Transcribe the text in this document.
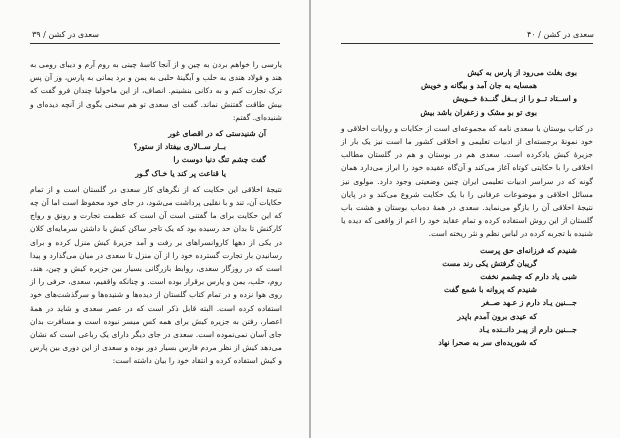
سعدی در کشن / ۳۹

یارسی را خواهم بردن به چین و از آنجا کاسهٔ چینی به روم آرم و دیبای رومی به هند و فولاد هندی به حلب و آبگینهٔ حلبی به یمن و برد یمانی به پارس، وز آن پس ترک تجارت کنم و به دکانی بنشینم. انصاف، از این ماخولیا چندان فرو گفت که بیش طاقت گفتنش نماند. گفت ای سعدی تو هم سخنی بگوی از آنچه دیده‌ای و شنیده‌ای. گفتم:

آن شنیدستی که در اقصای غور

بــار ســالاری بیفتاد از ستور؟

گفت چشم تنگ دنیا دوست را

یا قناعت پر کند یا خـاک گـور

نتیجهٔ اخلاقی این حکایت که از نگرهای کار سعدی در گلستان است و از تمام حکایات آن، تند و با نقلیی پرداشت می‌شود، در جای خود محفوظ است اما آن چه که این حکایت برای ما گفتنی است آن است که عظمت تجارت و رونق و رواج کارکنش تا بدان حد رسیده بود که یک تاجر ساکن کیش با داشتن سرمایه‌ای کلان در یکی از دهها کاروانسراهای بر رفت و آمد جزیرهٔ کیش منزل کرده و برای رسانیدن بار تجارت گسترده خود را از آن منزل تا سعدی در میان می‌گذارد و پیدا است که در روزگار سعدی، روابط بازرگانی بسیار بین جزیره کیش و چین، هند، روم، حلب، یمن و پارس برقرار بوده است. و چنانکه واقفیم، سعدی، حرفی را از روی هوا نزده و در تمام کتاب گلستان از دیده‌ها و شنیده‌ها و سرگذشت‌های خود استفاده کرده است. البته قابل ذکر است که در عصر سعدی و شاید در همهٔ اعصار، رفتن به جزیره کیش برای همه کس میسر نبوده است و مسافرت بدان جای آسان نمی‌نموده است. سعدی در جای دیگر دارای یک رباعی است که نشان می‌دهد کیش از نظر مردم فارس بسیار دور بوده و سعدی از این دوری بین پارس و کیش استفاده کرده و انتقاد خود را بیان داشته است:

سعدی در کشن / ۴۰

بوی بغلت می‌رود از پارس به کیش

همسایه به جان آمد و بیگانه و خویش

و اســتاد تــو را از بــغل گنــدهٔ خــویش

بوی تو بو مشک و زعفران باشد بیش

در کتاب بوستان با سعدی نامه که مجموعه‌ای است از حکایات و روایات اخلاقی و خود نمونهٔ برجسته‌ای از ادبیات تعلیمی و اخلاقی کشور ما است نیز یک بار از جزیرهٔ کیش یادکرده است. سعدی هم در بوستان و هم در گلستان مطالب اخلاقی را با حکایتی کوتاه آغاز می‌کند و آن‌گاه عقیده خود را ابراز می‌دارد همان گونه که در سراسر ادبیات تعلیمی ایران چنین وضعیتی وجود دارد. مولوی نیز مسائل اخلاقی و موضوعات عرفانی را با یک حکایت شروع می‌کند و در پایان نتیجهٔ اخلاقی آن را بازگو می‌نماید. سعدی در همهٔ ده‌باب بوستان و هشت باب گلستان از این روش استفاده کرده و تمام عقاید خود را اعم از واقعی که دیده یا شنیده با تجربه کرده در لباس نظم و نثر ریخته است.

شنیدم که فرزانه‌ای حق پرست

گریبان گرفتش یکی رند مست

شبی یاد دارم که چشمم نخفت

شنیدم که پروانه با شمع گفت

جـــنین یـاد دارم ز عـهد صــغر

که عیدی برون آمدم باپدر

جـــنین دارم از پیـر دانــنده یـاد

که شوریده‌ای سر به صحرا نهاد
